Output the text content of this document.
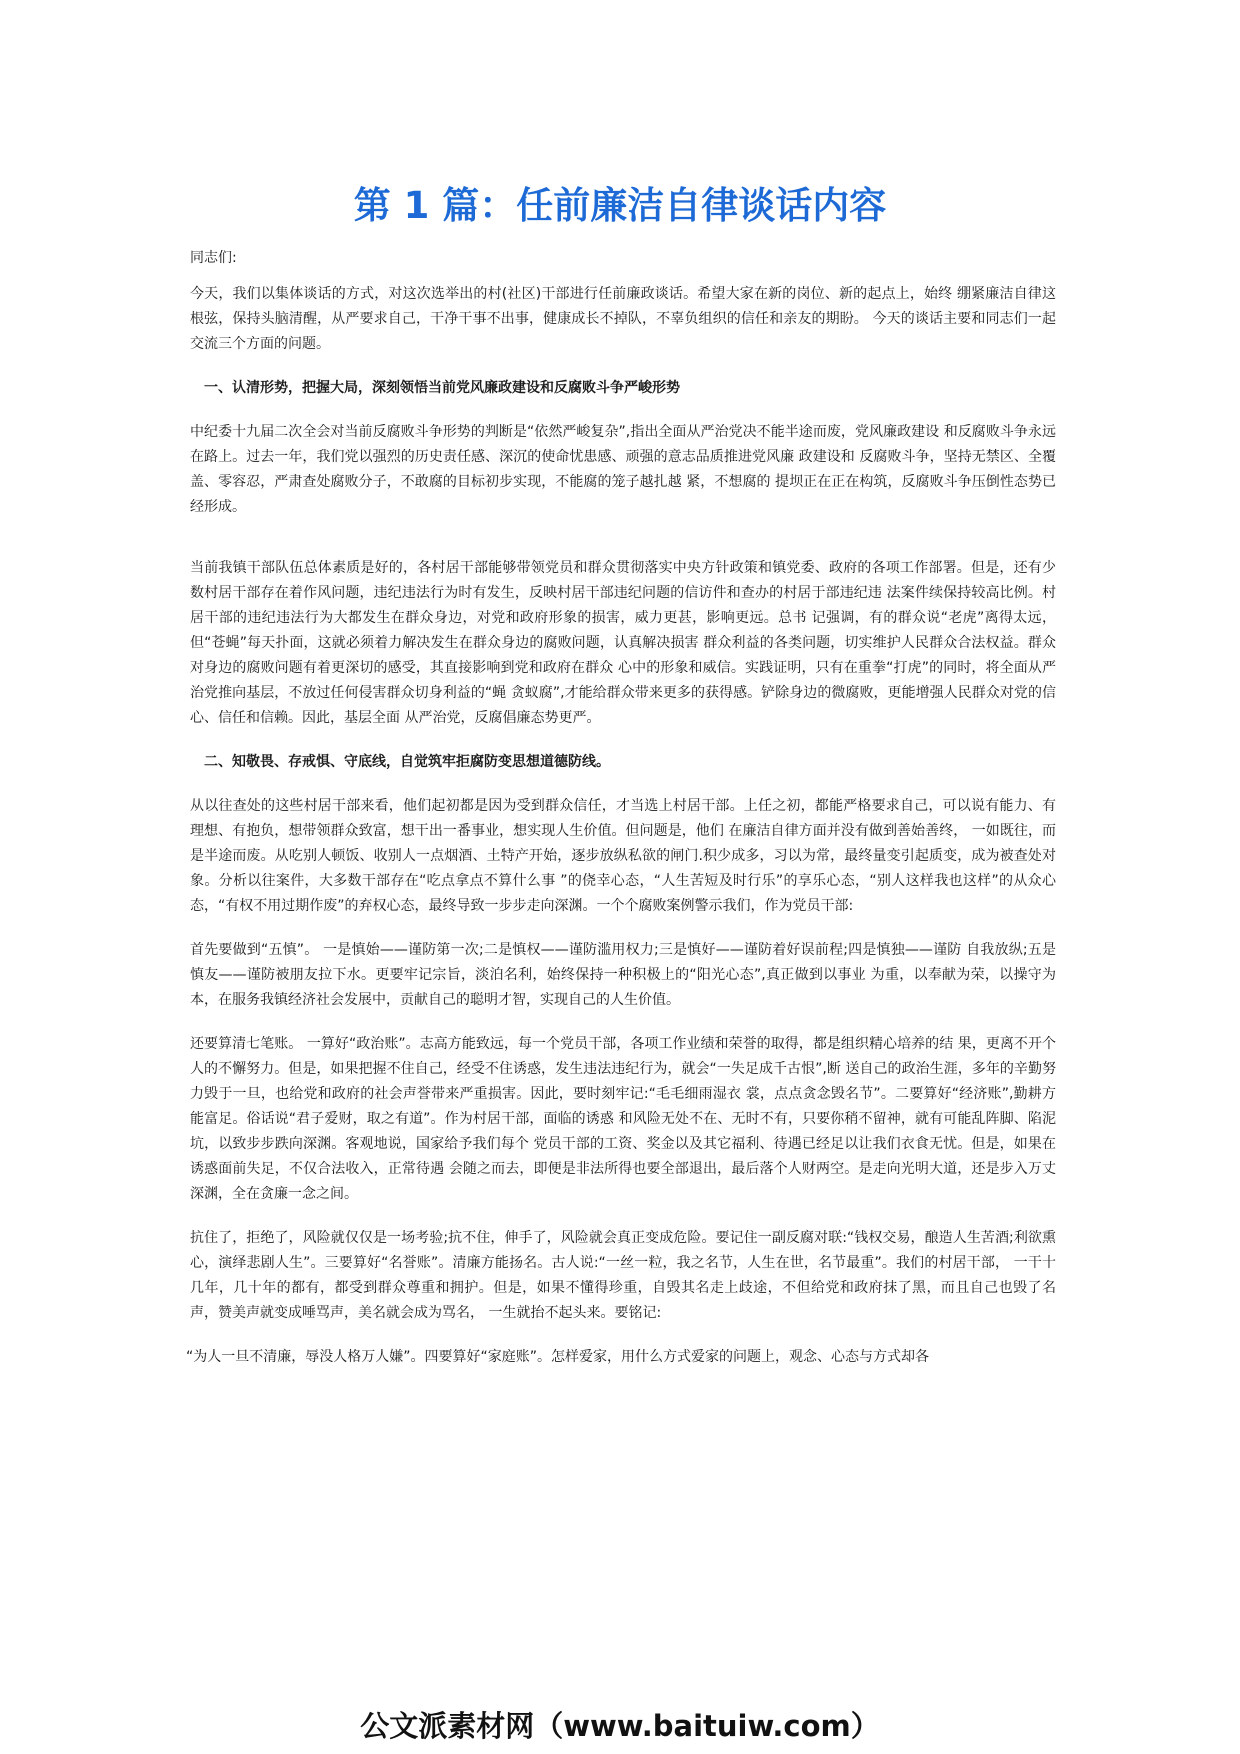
第 1 篇：任前廉洁自律谈话内容

同志们:

今天，我们以集体谈话的方式，对这次选举出的村(社区)干部进行任前廉政谈话。希望大家在新的岗位、新的起点上，始终 绷紧廉洁自律这根弦，保持头脑清醒，从严要求自己，干净干事不出事，健康成长不掉队，不辜负组织的信任和亲友的期盼。 今天的谈话主要和同志们一起交流三个方面的问题。

一、认清形势，把握大局，深刻领悟当前党风廉政建设和反腐败斗争严峻形势

中纪委十九届二次全会对当前反腐败斗争形势的判断是“依然严峻复杂”,指出全面从严治党决不能半途而废，党风廉政建设 和反腐败斗争永远在路上。过去一年，我们党以强烈的历史责任感、深沉的使命忧患感、顽强的意志品质推进党风廉 政建设和 反腐败斗争，坚持无禁区、全覆盖、零容忍，严肃查处腐败分子，不敢腐的目标初步实现，不能腐的笼子越扎越 紧，不想腐的 提坝正在正在构筑，反腐败斗争压倒性态势已经形成。

当前我镇干部队伍总体素质是好的，各村居干部能够带领党员和群众贯彻落实中央方针政策和镇党委、政府的各项工作部署。但是，还有少数村居干部存在着作风问题，违纪违法行为时有发生，反映村居干部违纪问题的信访件和查办的村居于部违纪违 法案件续保持较高比例。村居干部的违纪违法行为大都发生在群众身边，对党和政府形象的损害，威力更甚，影响更远。总书 记强调，有的群众说“老虎”离得太远，但“苍蝇”每天扑面，这就必须着力解决发生在群众身边的腐败问题，认真解决损害 群众利益的各类问题，切实维护人民群众合法权益。群众对身边的腐败问题有着更深切的感受，其直接影响到党和政府在群众 心中的形象和威信。实践证明，只有在重拳“打虎”的同时，将全面从严治党推向基层，不放过任何侵害群众切身利益的“蝇 贪蚁腐”,才能给群众带来更多的获得感。铲除身边的微腐败，更能增强人民群众对党的信心、信任和信赖。因此，基层全面 从严治党，反腐倡廉态势更严。

二、知敬畏、存戒惧、守底线，自觉筑牢拒腐防变思想道德防线。

从以往查处的这些村居干部来看，他们起初都是因为受到群众信任，才当选上村居干部。上任之初，都能严格要求自己，可以说有能力、有理想、有抱负，想带领群众致富，想干出一番事业，想实现人生价值。但问题是，他们 在廉洁自律方面并没有做到善始善终， 一如既往，而是半途而废。从吃别人顿饭、收别人一点烟酒、土特产开始，逐步放纵私欲的闸门.积少成多，习以为常，最终量变引起质变，成为被查处对象。分析以往案件，大多数干部存在“吃点拿点不算什么事 ”的侥幸心态，“人生苦短及时行乐”的享乐心态，“别人这样我也这样”的从众心态，“有权不用过期作废”的弃权心态，最终导致一步步走向深渊。一个个腐败案例警示我们，作为党员干部:

首先要做到“五慎”。 一是慎始——谨防第一次;二是慎权——谨防滥用权力;三是慎好——谨防着好误前程;四是慎独——谨防 自我放纵;五是慎友——谨防被朋友拉下水。更要牢记宗旨，淡泊名利，始终保持一种积极上的“阳光心态”,真正做到以事业 为重，以奉献为荣，以操守为本，在服务我镇经济社会发展中，贡献自己的聪明才智，实现自己的人生价值。

还要算清七笔账。 一算好“政治账”。志高方能致远，每一个党员干部，各项工作业绩和荣誉的取得，都是组织精心培养的结 果，更离不开个人的不懈努力。但是，如果把握不住自己，经受不住诱惑，发生违法违纪行为，就会“一失足成千古恨”,断 送自己的政治生涯，多年的辛勤努力毁于一旦，也给党和政府的社会声誉带来严重损害。因此，要时刻牢记:“毛毛细雨湿衣 裳，点点贪念毁名节”。二要算好“经济账”,勤耕方能富足。俗话说“君子爱财，取之有道”。作为村居干部，面临的诱惑 和风险无处不在、无时不有，只要你稍不留神，就有可能乱阵脚、陷泥坑，以致步步跌向深渊。客观地说，国家给予我们每个 党员干部的工资、奖金以及其它福利、待遇已经足以让我们衣食无忧。但是，如果在诱惑面前失足，不仅合法收入，正常待遇 会随之而去，即便是非法所得也要全部退出，最后落个人财两空。是走向光明大道，还是步入万丈深渊，全在贪廉一念之间。

抗住了，拒绝了，风险就仅仅是一场考验;抗不住，伸手了，风险就会真正变成危险。要记住一副反腐对联:“钱权交易，酿造人生苦酒;利欲熏心，演绎悲剧人生”。三要算好“名誉账”。清廉方能扬名。古人说:“一丝一粒，我之名节，人生在世，名节最重”。我们的村居干部， 一干十几年，几十年的都有，都受到群众尊重和拥护。但是，如果不懂得珍重，自毁其名走上歧途，不但给党和政府抹了黑，而且自己也毁了名声，赞美声就变成唾骂声，美名就会成为骂名， 一生就抬不起头来。要铭记:

“为人一旦不清廉，辱没人格万人嫌”。四要算好“家庭账”。怎样爱家，用什么方式爱家的问题上，观念、心态与方式却各

公文派素材网（www.baituiw.com）
